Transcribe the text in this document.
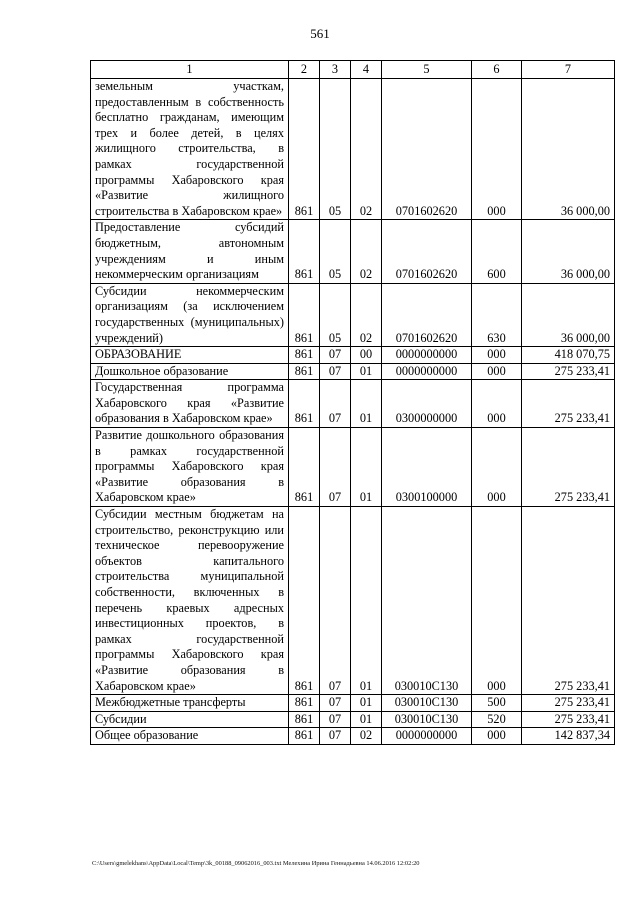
561
1	2	3	4	5	6	7
земельным участкам, предоставленным в собственность бесплатно гражданам, имеющим трех и более детей, в целях жилищного строительства, в рамках государственной программы Хабаровского края «Развитие жилищного строительства в Хабаровском крае»	861	05	02	0701602620	000	36 000,00
Предоставление субсидий бюджетным, автономным учреждениям и иным некоммерческим организациям	861	05	02	0701602620	600	36 000,00
Субсидии некоммерческим организациям (за исключением государственных (муниципальных) учреждений)	861	05	02	0701602620	630	36 000,00
ОБРАЗОВАНИЕ	861	07	00	0000000000	000	418 070,75
Дошкольное образование	861	07	01	0000000000	000	275 233,41
Государственная программа Хабаровского края «Развитие образования в Хабаровском крае»	861	07	01	0300000000	000	275 233,41
Развитие дошкольного образования в рамках государственной программы Хабаровского края «Развитие образования в Хабаровском крае»	861	07	01	0300100000	000	275 233,41
Субсидии местным бюджетам на строительство, реконструкцию или техническое перевооружение объектов капитального строительства муниципальной собственности, включенных в перечень краевых адресных инвестиционных проектов, в рамках государственной программы Хабаровского края «Развитие образования в Хабаровском крае»	861	07	01	030010С130	000	275 233,41
Межбюджетные трансферты	861	07	01	030010С130	500	275 233,41
Субсидии	861	07	01	030010С130	520	275 233,41
Общее образование	861	07	02	0000000000	000	142 837,34
C:\Users\gmelekhans\AppData\Local\Temp\3k_00188_09062016_003.txt Мелехина Ирина Геннадьевна 14.06.2016 12:02:20
